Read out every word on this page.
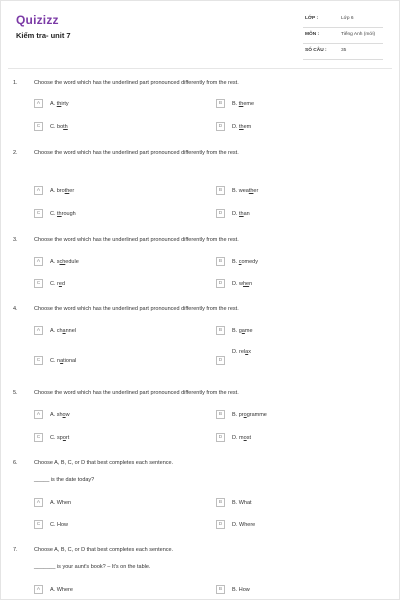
Quizizz
Kiểm tra- unit 7
LỚP :	Lớp 6
MÔN :	Tiếng Anh (mới)
SỐ CÂU :	35
1.	Choose the word which has the underlined part pronounced differently from the rest.
A	A. thirty	B	B. theme
C	C. both	D	D. them
2.	Choose the word which has the underlined part pronounced differently from the rest.
A	A. brother	B	B. weather
C	C. through	D	D. than
3.	Choose the word which has the underlined part pronounced differently from the rest.
A	A. schedule	B	B. comedy
C	C. red	D	D. when
4.	Choose the word which has the underlined part pronounced differently from the rest.
A	A. channel	B	B. game
C	C. national	D
D. relax
5.	Choose the word which has the underlined part pronounced differently from the rest.
A	A. show	B	B. programme
C	C. sport	D	D. most
6.	Choose A, B, C, or D that best completes each sentence.
_____ is the date today?
A	A. When	B	B. What
C	C. How	D	D. Where
7.	Choose A, B, C, or D that best completes each sentence.
_______ is your aunt's book? – It's on the table.
A	A. Where	B	B. How
